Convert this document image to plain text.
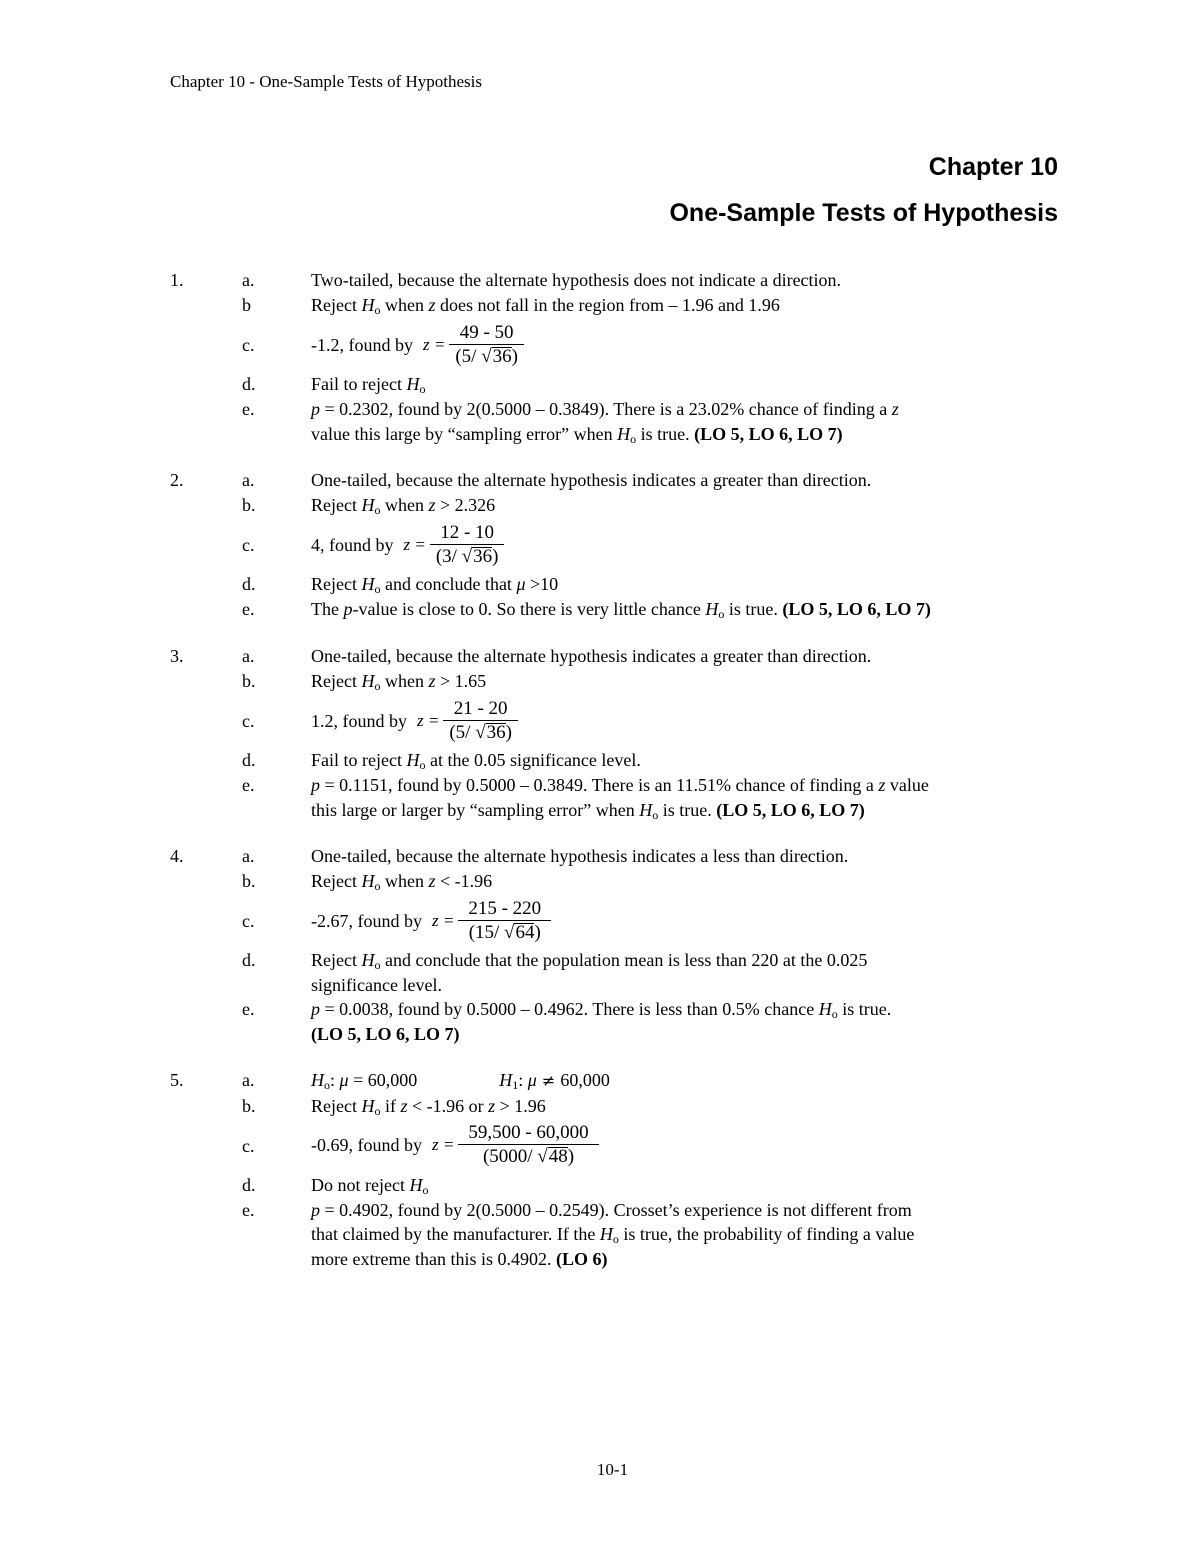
Chapter 10 - One-Sample Tests of Hypothesis
Chapter 10
One-Sample Tests of Hypothesis
1.	a.	Two-tailed, because the alternate hypothesis does not indicate a direction.
b	Reject $H_o$ when z does not fall in the region from – 1.96 and 1.96
c.	-1.2, found by $z = \frac{49 - 50}{(5/ √36)}$
d.	Fail to reject $H_o$
e.	p = 0.2302, found by 2(0.5000 – 0.3849). There is a 23.02% chance of finding a z
value this large by “sampling error” when $H_o$ is true. (LO 5, LO 6, LO 7)
2.	a.	One-tailed, because the alternate hypothesis indicates a greater than direction.
b.	Reject $H_o$ when z > 2.326
c.	4, found by $z = \frac{12 - 10}{(3/ √36)}$
d.	Reject $H_o$ and conclude that μ >10
e.	The p-value is close to 0. So there is very little chance $H_o$ is true. (LO 5, LO 6, LO 7)
3.	a.	One-tailed, because the alternate hypothesis indicates a greater than direction.
b.	Reject $H_o$ when z > 1.65
c.	1.2, found by $z = \frac{21 - 20}{(5/ √36)}$
d.	Fail to reject $H_o$ at the 0.05 significance level.
e.	p = 0.1151, found by 0.5000 – 0.3849. There is an 11.51% chance of finding a z value
this large or larger by “sampling error” when $H_o$ is true. (LO 5, LO 6, LO 7)
4.	a.	One-tailed, because the alternate hypothesis indicates a less than direction.
b.	Reject $H_o$ when z < -1.96
c.	-2.67, found by $z = \frac{215 - 220}{(15/ √64)}$
d.	Reject $H_o$ and conclude that the population mean is less than 220 at the 0.025
significance level.
e.	p = 0.0038, found by 0.5000 – 0.4962. There is less than 0.5% chance $H_o$ is true.
(LO 5, LO 6, LO 7)
5.	a.	$H_o$: μ = 60,000	$H_1$: μ ≠ 60,000
b.	Reject $H_o$ if z < -1.96 or z > 1.96
c.	-0.69, found by $z = \frac{59,500 - 60,000}{(5000/ √48)}$
d.	Do not reject $H_o$
e.	p = 0.4902, found by 2(0.5000 – 0.2549). Crosset’s experience is not different from
that claimed by the manufacturer. If the $H_o$ is true, the probability of finding a value
more extreme than this is 0.4902. (LO 6)
10-1
